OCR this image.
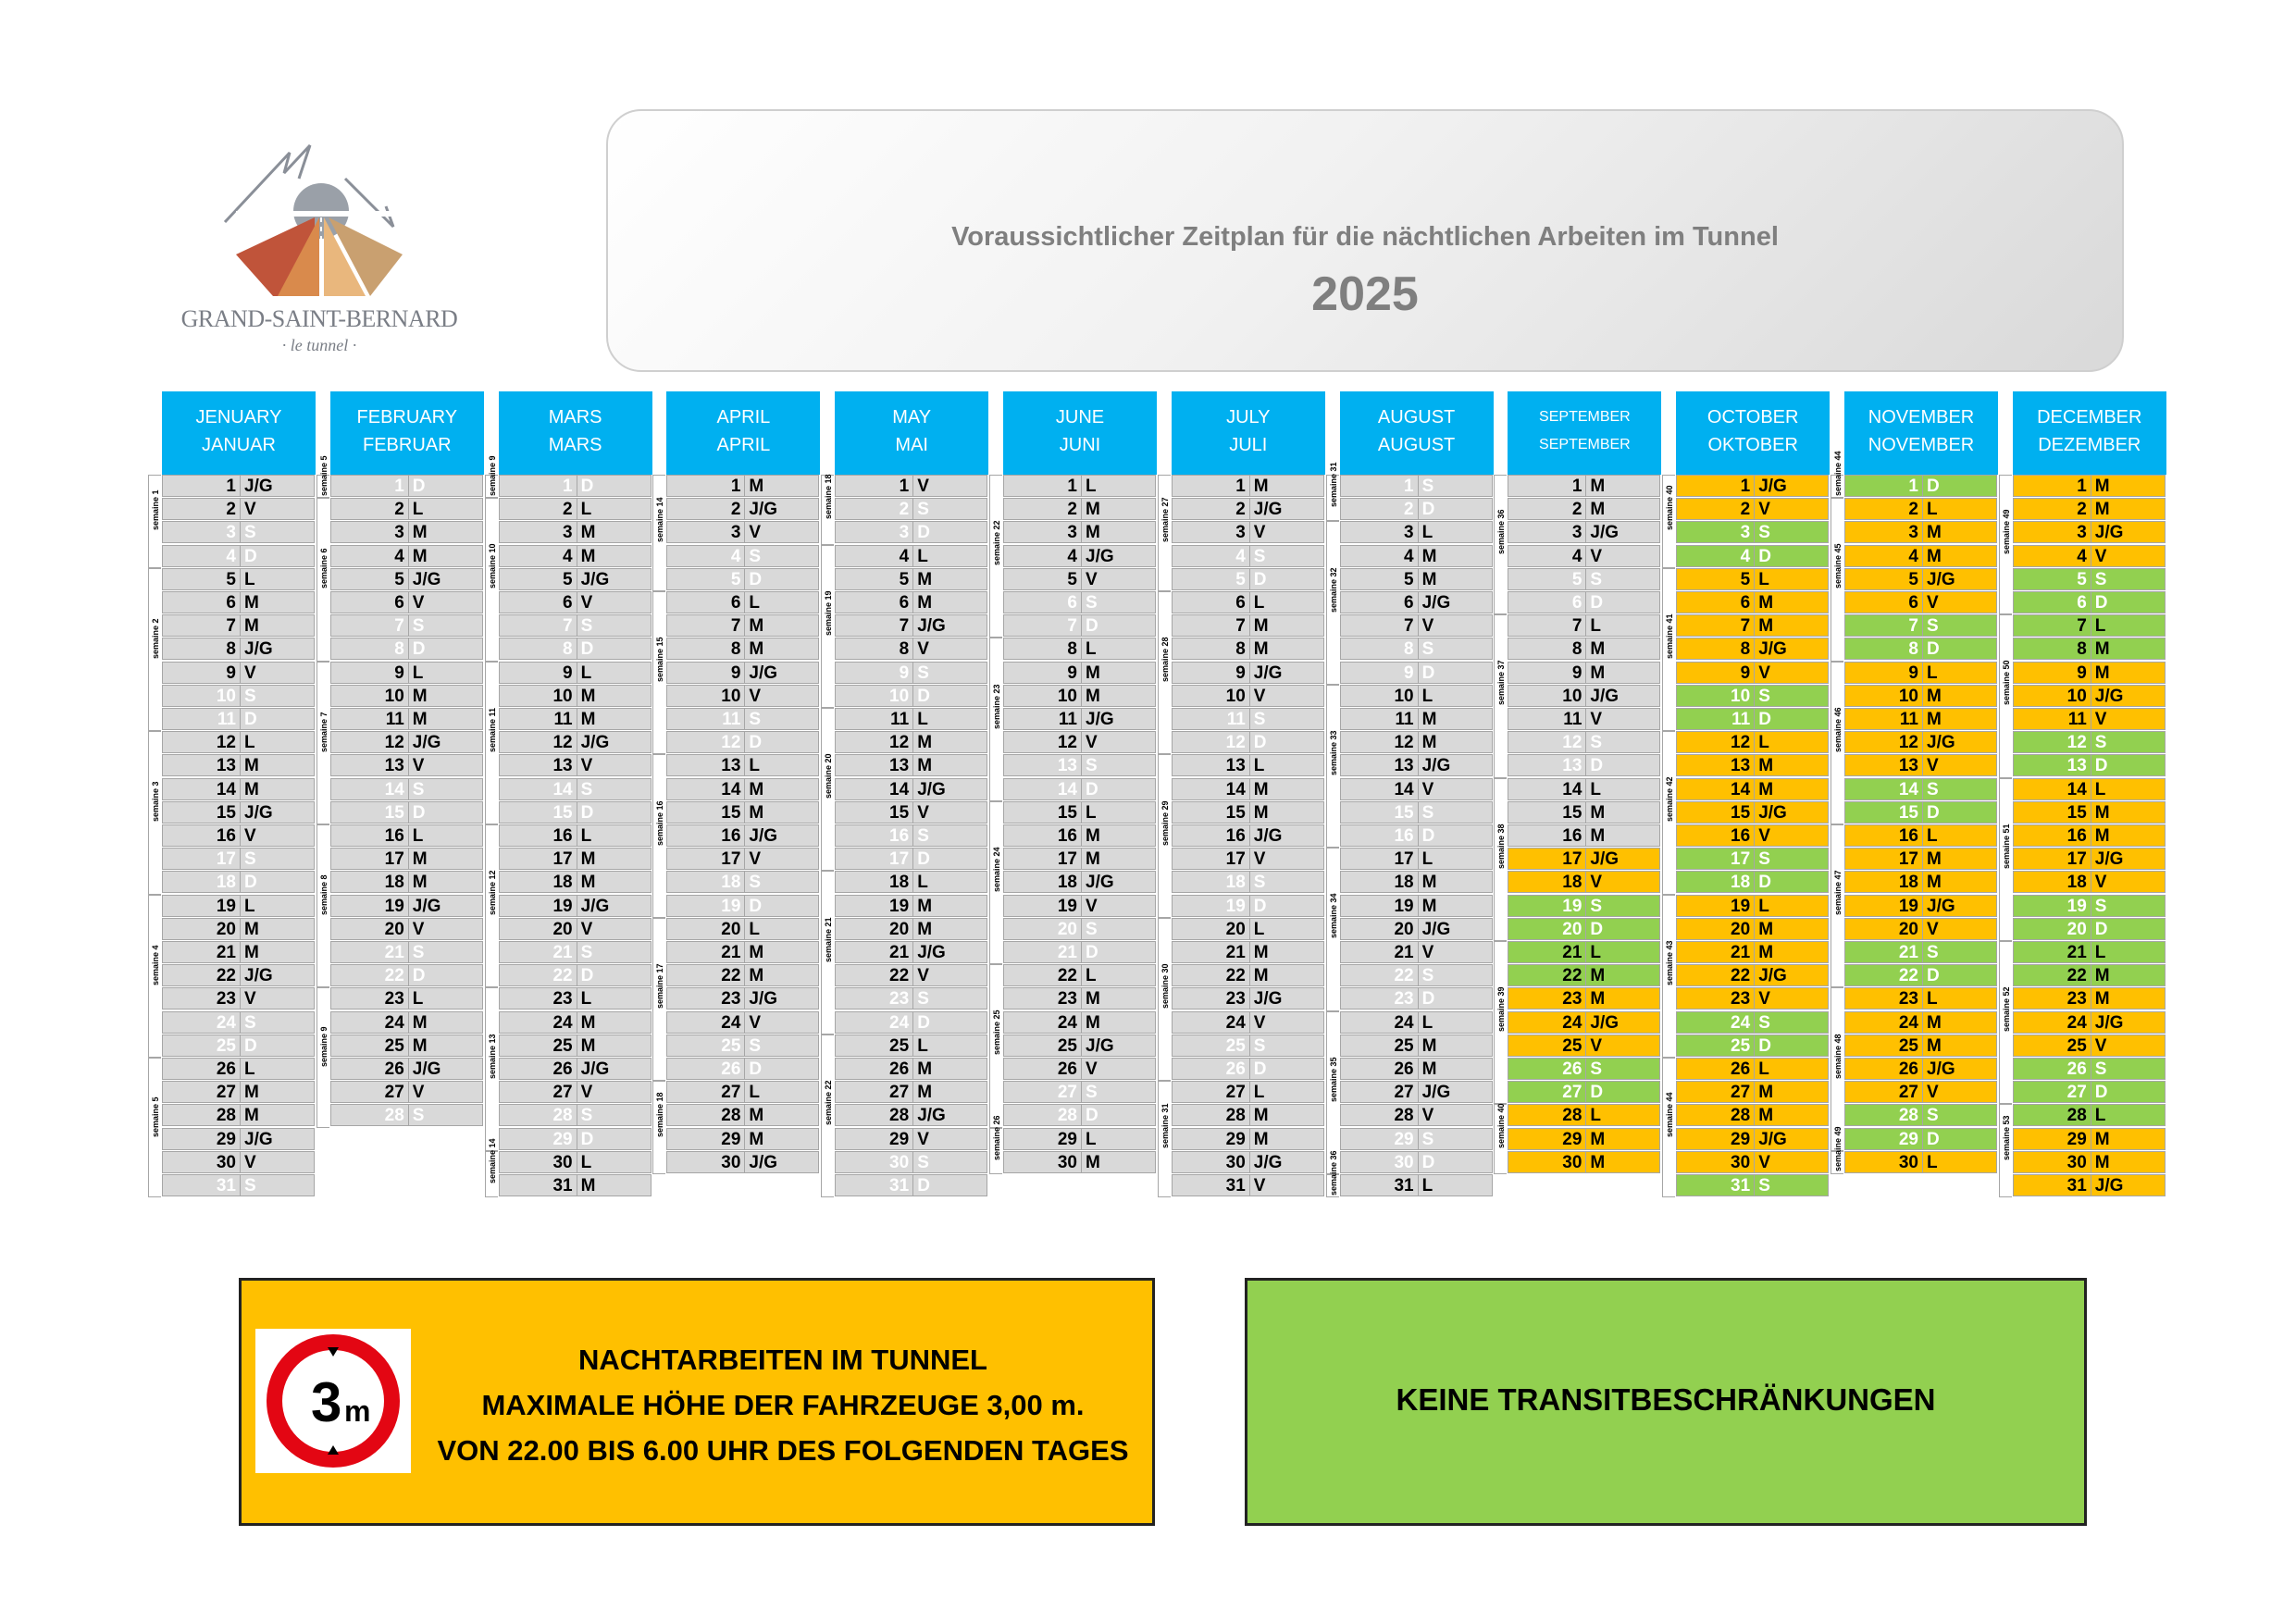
GRAND-SAINT-BERNARD
· le tunnel ·
Voraussichtlicher Zeitplan für die nächtlichen Arbeiten im Tunnel
2025
JENUARY
JANUAR
1 J/G
2 V
3 S
4 D
semaine 1
5 L
6 M
7 M
8 J/G
9 V
10 S
11 D
semaine 2
12 L
13 M
14 M
15 J/G
16 V
17 S
18 D
semaine 3
19 L
20 M
21 M
22 J/G
23 V
24 S
25 D
semaine 4
26 L
27 M
28 M
29 J/G
30 V
31 S
semaine 5
FEBRUARY
FEBRUAR
1 D
semaine 5
2 L
3 M
4 M
5 J/G
6 V
7 S
8 D
semaine 6
9 L
10 M
11 M
12 J/G
13 V
14 S
15 D
semaine 7
16 L
17 M
18 M
19 J/G
20 V
21 S
22 D
semaine 8
23 L
24 M
25 M
26 J/G
27 V
28 S
semaine 9
MARS
MARS
1 D
semaine 9
2 L
3 M
4 M
5 J/G
6 V
7 S
8 D
semaine 10
9 L
10 M
11 M
12 J/G
13 V
14 S
15 D
semaine 11
16 L
17 M
18 M
19 J/G
20 V
21 S
22 D
semaine 12
23 L
24 M
25 M
26 J/G
27 V
28 S
29 D
semaine 13
30 L
31 M
semaine 14
APRIL
APRIL
1 M
2 J/G
3 V
4 S
5 D
semaine 14
6 L
7 M
8 M
9 J/G
10 V
11 S
12 D
semaine 15
13 L
14 M
15 M
16 J/G
17 V
18 S
19 D
semaine 16
20 L
21 M
22 M
23 J/G
24 V
25 S
26 D
semaine 17
27 L
28 M
29 M
30 J/G
semaine 18
MAY
MAI
1 V
2 S
3 D
semaine 18
4 L
5 M
6 M
7 J/G
8 V
9 S
10 D
semaine 19
11 L
12 M
13 M
14 J/G
15 V
16 S
17 D
semaine 20
18 L
19 M
20 M
21 J/G
22 V
23 S
24 D
semaine 21
25 L
26 M
27 M
28 J/G
29 V
30 S
31 D
semaine 22
JUNE
JUNI
1 L
2 M
3 M
4 J/G
5 V
6 S
7 D
semaine 22
8 L
9 M
10 M
11 J/G
12 V
13 S
14 D
semaine 23
15 L
16 M
17 M
18 J/G
19 V
20 S
21 D
semaine 24
22 L
23 M
24 M
25 J/G
26 V
27 S
28 D
semaine 25
29 L
30 M
semaine 26
JULY
JULI
1 M
2 J/G
3 V
4 S
5 D
semaine 27
6 L
7 M
8 M
9 J/G
10 V
11 S
12 D
semaine 28
13 L
14 M
15 M
16 J/G
17 V
18 S
19 D
semaine 29
20 L
21 M
22 M
23 J/G
24 V
25 S
26 D
semaine 30
27 L
28 M
29 M
30 J/G
31 V
semaine 31
AUGUST
AUGUST
1 S
2 D
semaine 31
3 L
4 M
5 M
6 J/G
7 V
8 S
9 D
semaine 32
10 L
11 M
12 M
13 J/G
14 V
15 S
16 D
semaine 33
17 L
18 M
19 M
20 J/G
21 V
22 S
23 D
semaine 34
24 L
25 M
26 M
27 J/G
28 V
29 S
30 D
semaine 35
31 L
semaine 36
SEPTEMBER
SEPTEMBER
1 M
2 M
3 J/G
4 V
5 S
6 D
semaine 36
7 L
8 M
9 M
10 J/G
11 V
12 S
13 D
semaine 37
14 L
15 M
16 M
17 J/G
18 V
19 S
20 D
semaine 38
21 L
22 M
23 M
24 J/G
25 V
26 S
27 D
semaine 39
28 L
29 M
30 M
semaine 40
OCTOBER
OKTOBER
1 J/G
2 V
3 S
4 D
semaine 40
5 L
6 M
7 M
8 J/G
9 V
10 S
11 D
semaine 41
12 L
13 M
14 M
15 J/G
16 V
17 S
18 D
semaine 42
19 L
20 M
21 M
22 J/G
23 V
24 S
25 D
semaine 43
26 L
27 M
28 M
29 J/G
30 V
31 S
semaine 44
NOVEMBER
NOVEMBER
1 D
semaine 44
2 L
3 M
4 M
5 J/G
6 V
7 S
8 D
semaine 45
9 L
10 M
11 M
12 J/G
13 V
14 S
15 D
semaine 46
16 L
17 M
18 M
19 J/G
20 V
21 S
22 D
semaine 47
23 L
24 M
25 M
26 J/G
27 V
28 S
29 D
semaine 48
30 L
semaine 49
DECEMBER
DEZEMBER
1 M
2 M
3 J/G
4 V
5 S
6 D
semaine 49
7 L
8 M
9 M
10 J/G
11 V
12 S
13 D
semaine 50
14 L
15 M
16 M
17 J/G
18 V
19 S
20 D
semaine 51
21 L
22 M
23 M
24 J/G
25 V
26 S
27 D
semaine 52
28 L
29 M
30 M
31 J/G
semaine 53
3 m
NACHTARBEITEN IM TUNNEL
MAXIMALE HÖHE DER FAHRZEUGE 3,00 m.
VON 22.00 BIS 6.00 UHR DES FOLGENDEN TAGES
KEINE TRANSITBESCHRÄNKUNGEN
